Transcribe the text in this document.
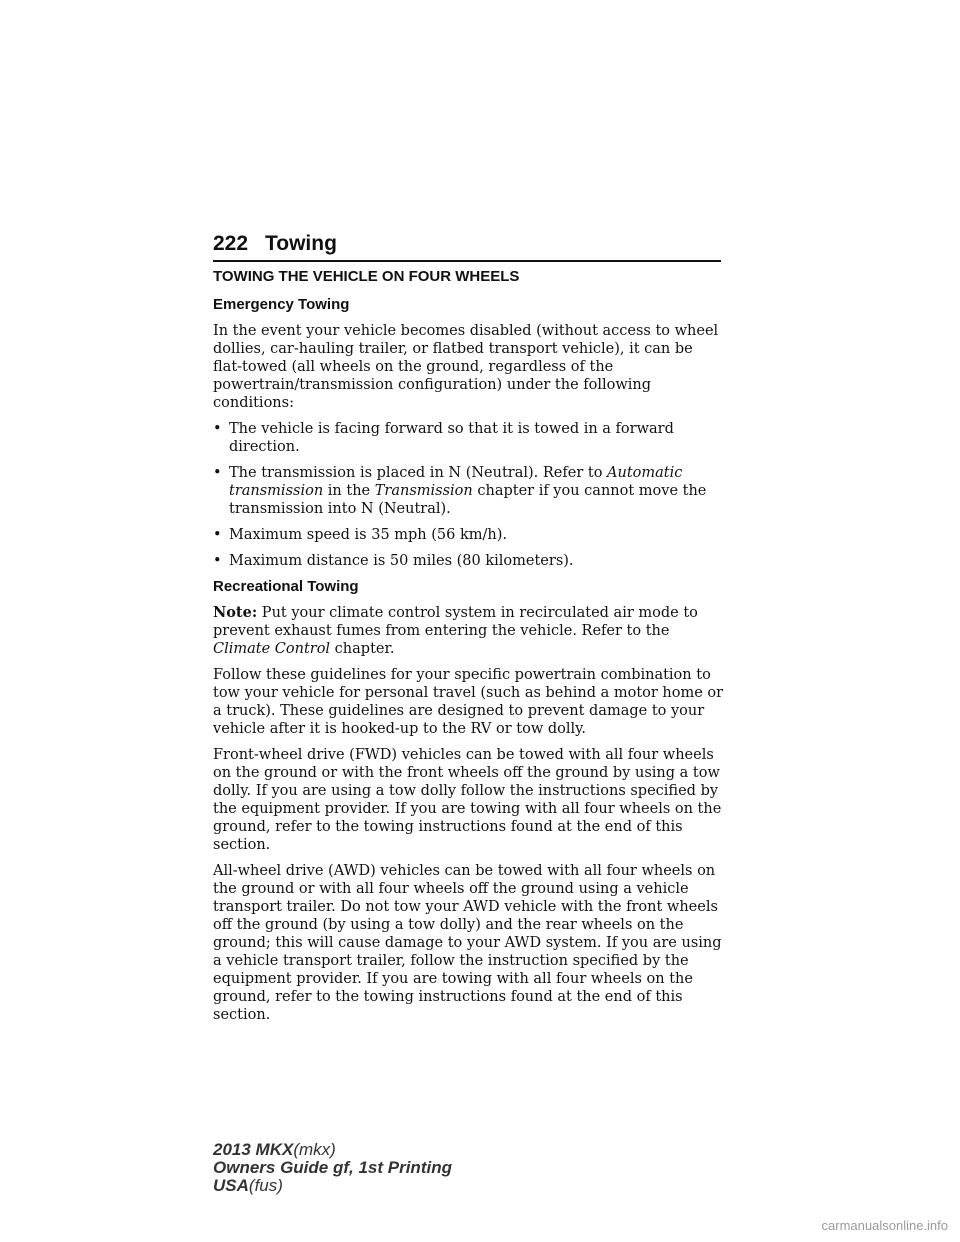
222 Towing
TOWING THE VEHICLE ON FOUR WHEELS
Emergency Towing

In the event your vehicle becomes disabled (without access to wheel dollies, car-hauling trailer, or flatbed transport vehicle), it can be flat-towed (all wheels on the ground, regardless of the powertrain/transmission configuration) under the following conditions:

• The vehicle is facing forward so that it is towed in a forward direction.
• The transmission is placed in N (Neutral). Refer to Automatic transmission in the Transmission chapter if you cannot move the transmission into N (Neutral).
• Maximum speed is 35 mph (56 km/h).
• Maximum distance is 50 miles (80 kilometers).
Recreational Towing

Note: Put your climate control system in recirculated air mode to prevent exhaust fumes from entering the vehicle. Refer to the Climate Control chapter.

Follow these guidelines for your specific powertrain combination to tow your vehicle for personal travel (such as behind a motor home or a truck). These guidelines are designed to prevent damage to your vehicle after it is hooked-up to the RV or tow dolly.

Front-wheel drive (FWD) vehicles can be towed with all four wheels on the ground or with the front wheels off the ground by using a tow dolly. If you are using a tow dolly follow the instructions specified by the equipment provider. If you are towing with all four wheels on the ground, refer to the towing instructions found at the end of this section.

All-wheel drive (AWD) vehicles can be towed with all four wheels on the ground or with all four wheels off the ground using a vehicle transport trailer. Do not tow your AWD vehicle with the front wheels off the ground (by using a tow dolly) and the rear wheels on the ground; this will cause damage to your AWD system. If you are using a vehicle transport trailer, follow the instruction specified by the equipment provider. If you are towing with all four wheels on the ground, refer to the towing instructions found at the end of this section.

2013 MKX(mkx)
Owners Guide gf, 1st Printing
USA(fus)
carmanualsonline.info
